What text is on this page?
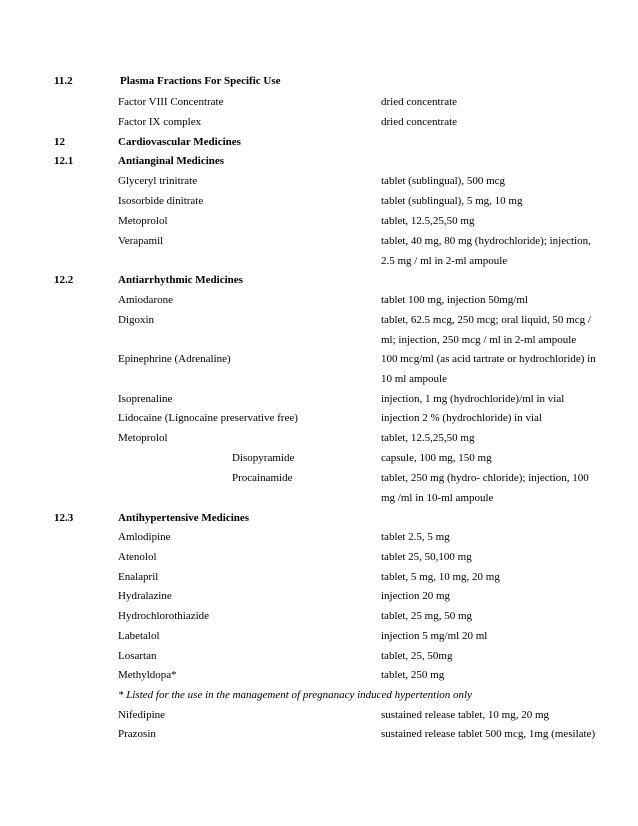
11.2	Plasma Fractions For Specific Use
Factor VIII Concentrate	dried concentrate
Factor IX complex	dried concentrate
12	Cardiovascular Medicines
12.1	Antianginal Medicines
Glyceryl trinitrate	tablet (sublingual), 500 mcg
Isosorbide dinitrate	tablet (sublingual), 5 mg, 10 mg
Metoprolol	tablet, 12.5,25,50 mg
Verapamil	tablet, 40 mg, 80 mg (hydrochloride); injection,
2.5 mg / ml in 2-ml ampoule
12.2	Antiarrhythmic Medicines
Amiodarone	tablet 100 mg, injection 50mg/ml
Digoxin	tablet, 62.5 mcg, 250 mcg; oral liquid, 50 mcg /
ml; injection, 250 mcg / ml in 2-ml ampoule
Epinephrine (Adrenaline)	100 mcg/ml (as acid tartrate or hydrochloride) in
10 ml ampoule
Isoprenaline	injection, 1 mg (hydrochloride)/ml in vial
Lidocaine (Lignocaine preservative free)	injection 2 % (hydrochloride) in vial
Metoprolol	tablet, 12.5,25,50 mg
Disopyramide	capsule, 100 mg, 150 mg
Procainamide	tablet, 250 mg (hydro- chloride); injection, 100
mg /ml in 10-ml ampoule
12.3	Antihypertensive Medicines
Amlodipine	tablet 2.5, 5 mg
Atenolol	tablet 25, 50,100 mg
Enalapril	tablet, 5 mg, 10 mg, 20 mg
Hydralazine	injection 20 mg
Hydrochlorothiazide	tablet, 25 mg, 50 mg
Labetalol	injection 5 mg/ml 20 ml
Losartan	tablet, 25, 50mg
Methyldopa*	tablet, 250 mg
* Listed for the use in the management of pregnanacy induced hypertention only
Nifedipine	sustained release tablet, 10 mg, 20 mg
Prazosin	sustained release tablet 500 mcg, 1mg (mesilate)
